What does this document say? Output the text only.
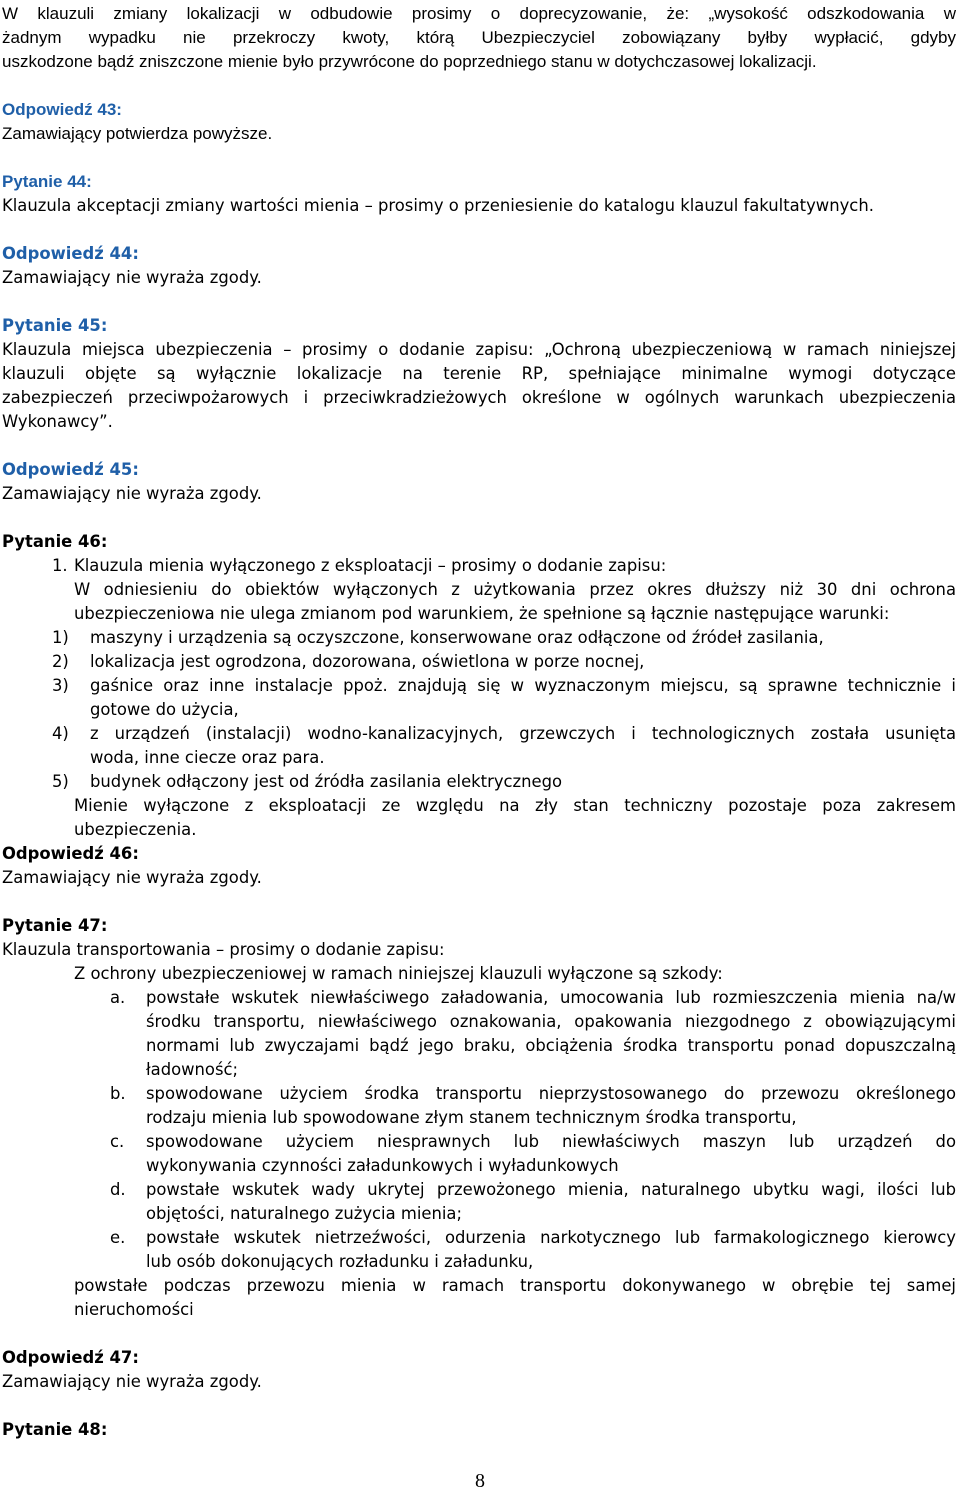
W klauzuli zmiany lokalizacji w odbudowie prosimy o doprecyzowanie, że: „wysokość odszkodowania w
żadnym wypadku nie przekroczy kwoty, którą Ubezpieczyciel zobowiązany byłby wypłacić, gdyby
uszkodzone bądź zniszczone mienie było przywrócone do poprzedniego stanu w dotychczasowej lokalizacji.
Odpowiedź 43:
Zamawiający potwierdza powyższe.
Pytanie 44:
Klauzula akceptacji zmiany wartości mienia – prosimy o przeniesienie do katalogu klauzul fakultatywnych.
Odpowiedź 44:
Zamawiający nie wyraża zgody.
Pytanie 45:
Klauzula miejsca ubezpieczenia – prosimy o dodanie zapisu: „Ochroną ubezpieczeniową w ramach niniejszej
klauzuli objęte są wyłącznie lokalizacje na terenie RP, spełniające minimalne wymogi dotyczące
zabezpieczeń przeciwpożarowych i przeciwkradzieżowych określone w ogólnych warunkach ubezpieczenia
Wykonawcy”.
Odpowiedź 45:
Zamawiający nie wyraża zgody.
Pytanie 46:
1. Klauzula mienia wyłączonego z eksploatacji – prosimy o dodanie zapisu:
W odniesieniu do obiektów wyłączonych z użytkowania przez okres dłuższy niż 30 dni ochrona
ubezpieczeniowa nie ulega zmianom pod warunkiem, że spełnione są łącznie następujące warunki:
1) maszyny i urządzenia są oczyszczone, konserwowane oraz odłączone od źródeł zasilania,
2) lokalizacja jest ogrodzona, dozorowana, oświetlona w porze nocnej,
3) gaśnice oraz inne instalacje ppoż. znajdują się w wyznaczonym miejscu, są sprawne technicznie i
gotowe do użycia,
4) z urządzeń (instalacji) wodno-kanalizacyjnych, grzewczych i technologicznych została usunięta
woda, inne ciecze oraz para.
5) budynek odłączony jest od źródła zasilania elektrycznego
Mienie wyłączone z eksploatacji ze względu na zły stan techniczny pozostaje poza zakresem
ubezpieczenia.
Odpowiedź 46:
Zamawiający nie wyraża zgody.
Pytanie 47:
Klauzula transportowania – prosimy o dodanie zapisu:
Z ochrony ubezpieczeniowej w ramach niniejszej klauzuli wyłączone są szkody:
a. powstałe wskutek niewłaściwego załadowania, umocowania lub rozmieszczenia mienia na/w
środku transportu, niewłaściwego oznakowania, opakowania niezgodnego z obowiązującymi
normami lub zwyczajami bądź jego braku, obciążenia środka transportu ponad dopuszczalną
ładowność;
b. spowodowane użyciem środka transportu nieprzystosowanego do przewozu określonego
rodzaju mienia lub spowodowane złym stanem technicznym środka transportu,
c. spowodowane użyciem niesprawnych lub niewłaściwych maszyn lub urządzeń do
wykonywania czynności załadunkowych i wyładunkowych
d. powstałe wskutek wady ukrytej przewożonego mienia, naturalnego ubytku wagi, ilości lub
objętości, naturalnego zużycia mienia;
e. powstałe wskutek nietrzeźwości, odurzenia narkotycznego lub farmakologicznego kierowcy
lub osób dokonujących rozładunku i załadunku,
powstałe podczas przewozu mienia w ramach transportu dokonywanego w obrębie tej samej
nieruchomości
Odpowiedź 47:
Zamawiający nie wyraża zgody.
Pytanie 48:
8
